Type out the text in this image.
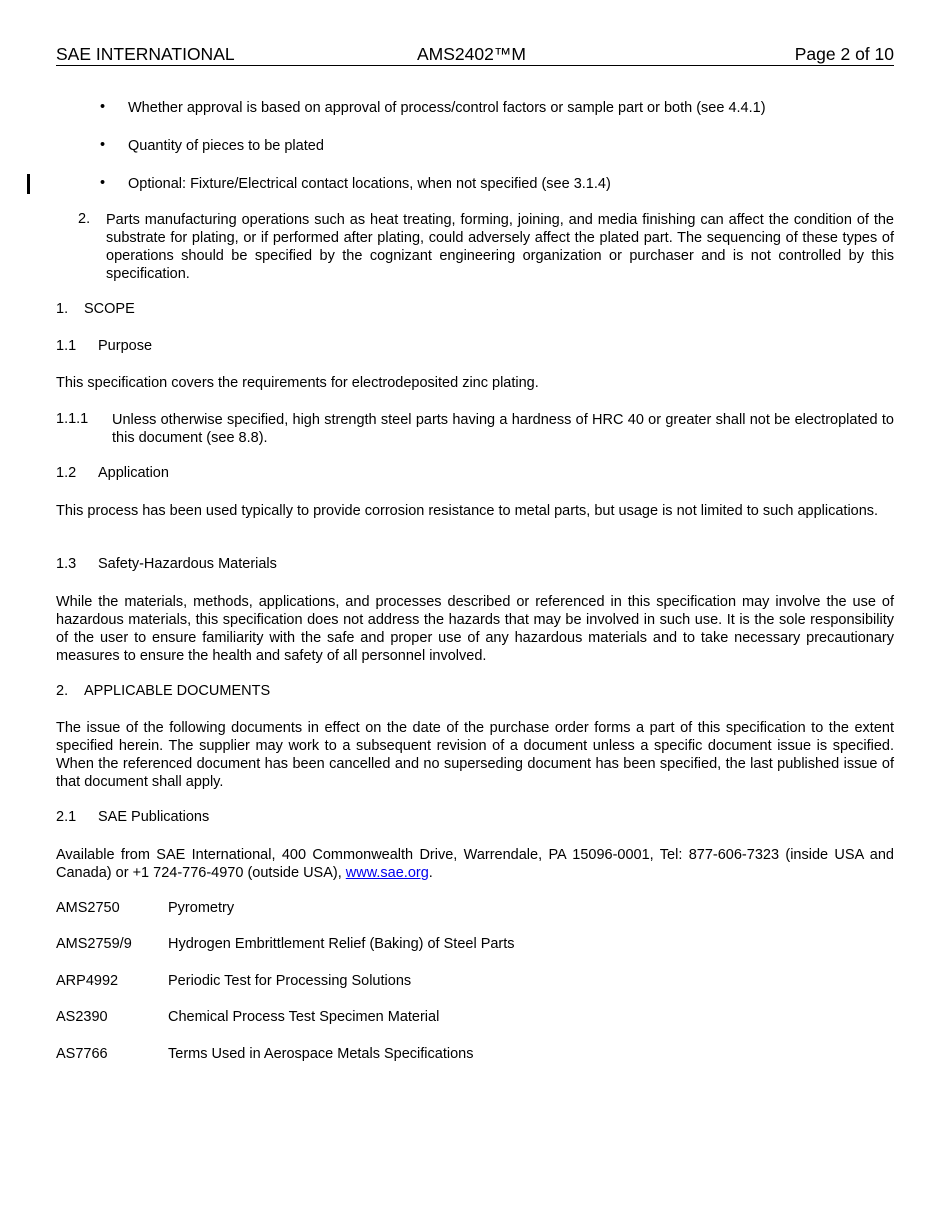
SAE INTERNATIONAL	AMS2402™M	Page 2 of 10
•	Whether approval is based on approval of process/control factors or sample part or both (see 4.4.1)
•	Quantity of pieces to be plated
•	Optional: Fixture/Electrical contact locations, when not specified (see 3.1.4)
2. Parts manufacturing operations such as heat treating, forming, joining, and media finishing can affect the condition of the substrate for plating, or if performed after plating, could adversely affect the plated part. The sequencing of these types of operations should be specified by the cognizant engineering organization or purchaser and is not controlled by this specification.
1. SCOPE
1.1 Purpose
This specification covers the requirements for electrodeposited zinc plating.
1.1.1 Unless otherwise specified, high strength steel parts having a hardness of HRC 40 or greater shall not be electroplated to this document (see 8.8).
1.2 Application
This process has been used typically to provide corrosion resistance to metal parts, but usage is not limited to such applications.
1.3 Safety-Hazardous Materials
While the materials, methods, applications, and processes described or referenced in this specification may involve the use of hazardous materials, this specification does not address the hazards that may be involved in such use. It is the sole responsibility of the user to ensure familiarity with the safe and proper use of any hazardous materials and to take necessary precautionary measures to ensure the health and safety of all personnel involved.
2. APPLICABLE DOCUMENTS
The issue of the following documents in effect on the date of the purchase order forms a part of this specification to the extent specified herein. The supplier may work to a subsequent revision of a document unless a specific document issue is specified. When the referenced document has been cancelled and no superseding document has been specified, the last published issue of that document shall apply.
2.1 SAE Publications
Available from SAE International, 400 Commonwealth Drive, Warrendale, PA 15096-0001, Tel: 877-606-7323 (inside USA and Canada) or +1 724-776-4970 (outside USA), www.sae.org.
AMS2750	Pyrometry
AMS2759/9 Hydrogen Embrittlement Relief (Baking) of Steel Parts
ARP4992	Periodic Test for Processing Solutions
AS2390	Chemical Process Test Specimen Material
AS7766	Terms Used in Aerospace Metals Specifications
